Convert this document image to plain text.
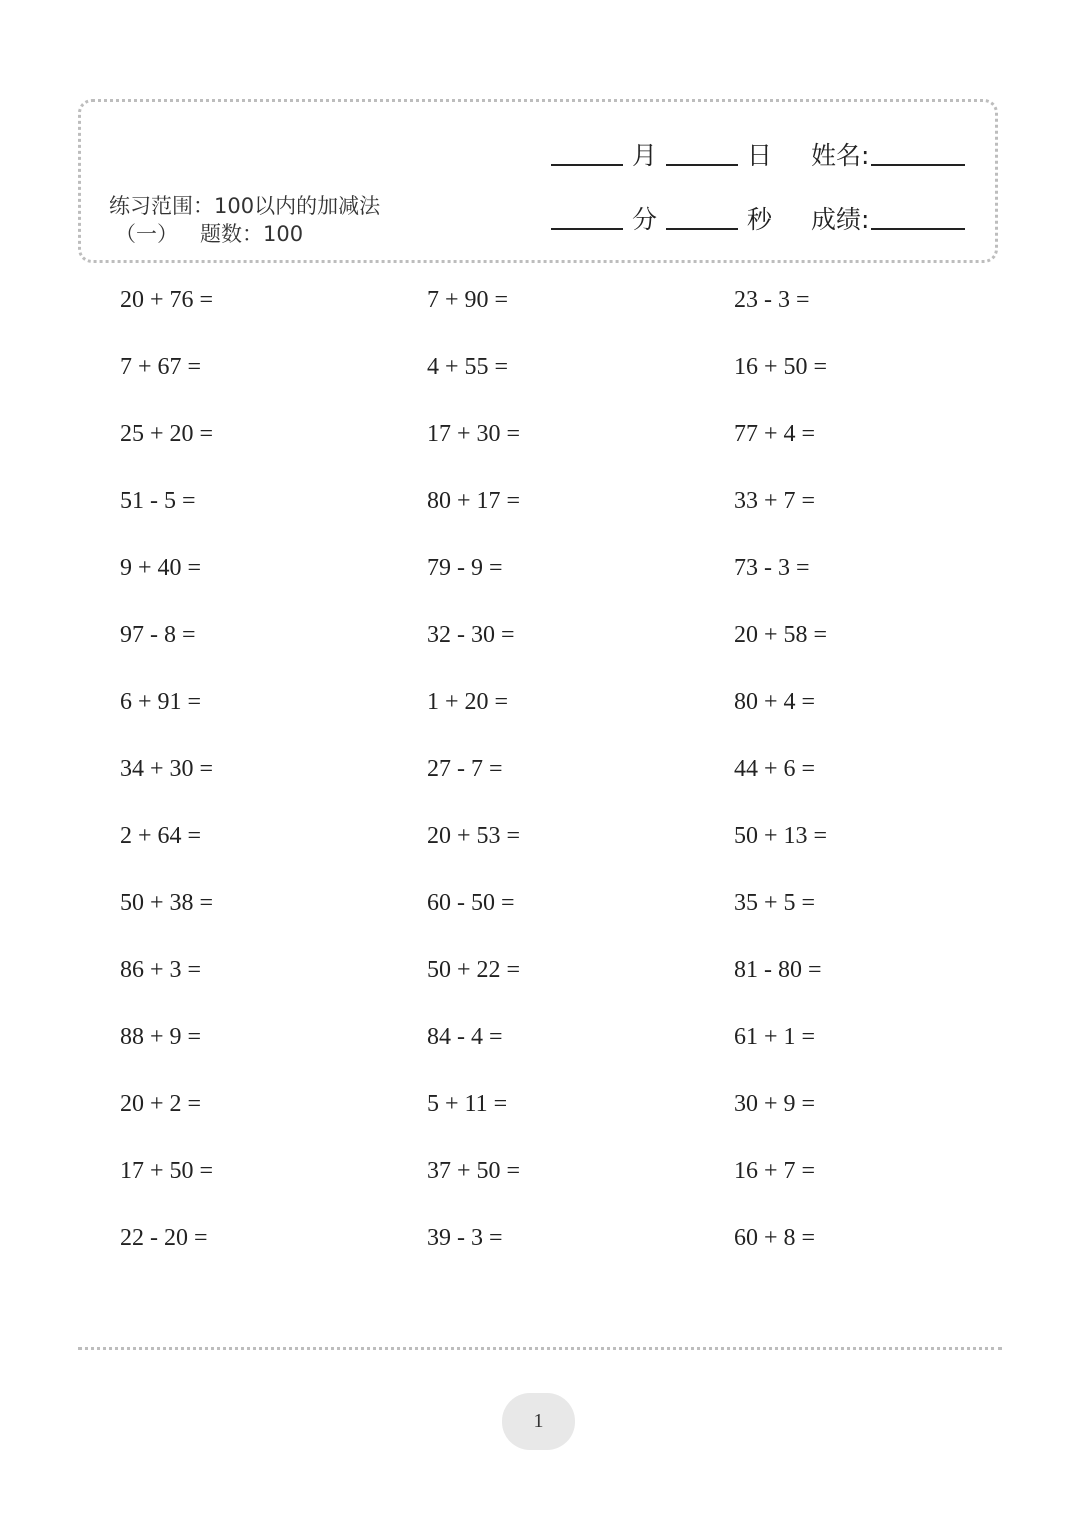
练习范围：100以内的加减法
（一） 题数：100
月	日 姓名:
分	秒 成绩:
20 + 76 =	7 + 90 =	23 - 3 =
7 + 67 =	4 + 55 =	16 + 50 =
25 + 20 =	17 + 30 =	77 + 4 =
51 - 5 =	80 + 17 =	33 + 7 =
9 + 40 =	79 - 9 =	73 - 3 =
97 - 8 =	32 - 30 =	20 + 58 =
6 + 91 =	1 + 20 =	80 + 4 =
34 + 30 =	27 - 7 =	44 + 6 =
2 + 64 =	20 + 53 =	50 + 13 =
50 + 38 =	60 - 50 =	35 + 5 =
86 + 3 =	50 + 22 =	81 - 80 =
88 + 9 =	84 - 4 =	61 + 1 =
20 + 2 =	5 + 11 =	30 + 9 =
17 + 50 =	37 + 50 =	16 + 7 =
22 - 20 =	39 - 3 =	60 + 8 =
1
